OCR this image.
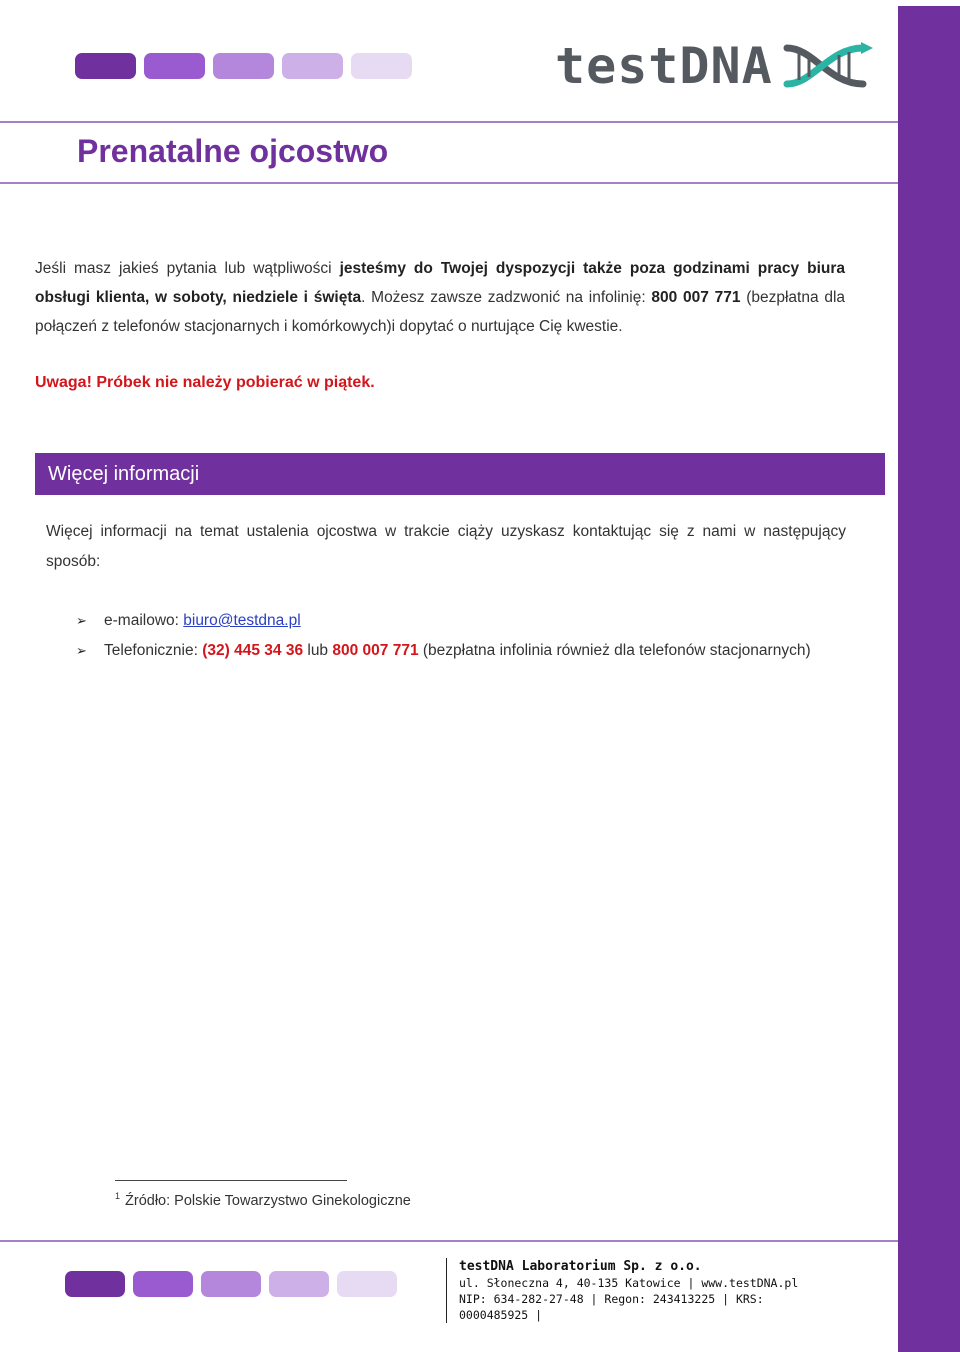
testDNA
Prenatalne ojcostwo

Jeśli masz jakieś pytania lub wątpliwości jesteśmy do Twojej dyspozycji także poza godzinami pracy biura obsługi klienta, w soboty, niedziele i święta. Możesz zawsze zadzwonić na infolinię: 800 007 771 (bezpłatna dla połączeń z telefonów stacjonarnych i komórkowych)i dopytać o nurtujące Cię kwestie.

Uwaga! Próbek nie należy pobierać w piątek.

Więcej informacji

Więcej informacji na temat ustalenia ojcostwa w trakcie ciąży uzyskasz kontaktując się z nami w następujący sposób:

➢ e-mailowo: biuro@testdna.pl
➢ Telefonicznie: (32) 445 34 36 lub 800 007 771 (bezpłatna infolinia również dla telefonów stacjonarnych)

$^1$ Źródło: Polskie Towarzystwo Ginekologiczne

testDNA Laboratorium Sp. z o.o.
ul. Słoneczna 4, 40-135 Katowice | www.testDNA.pl
NIP: 634-282-27-48 | Regon: 243413225 | KRS: 0000485925 |
